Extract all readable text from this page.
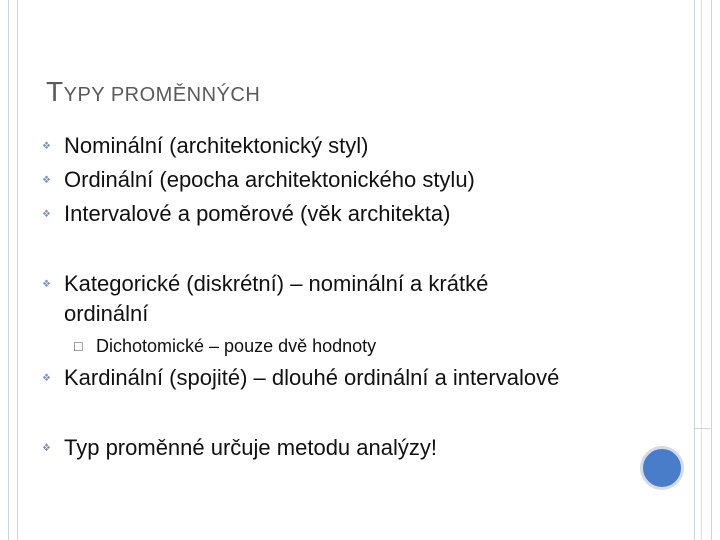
TYPY PROMĚNNÝCH
❖ Nominální (architektonický styl)
❖ Ordinální (epocha architektonického stylu)
❖ Intervalové a poměrové (věk architekta)
❖ Kategorické (diskrétní) – nominální a krátké ordinální
□ Dichotomické – pouze dvě hodnoty
❖ Kardinální (spojité) – dlouhé ordinální a intervalové
❖ Typ proměnné určuje metodu analýzy!
